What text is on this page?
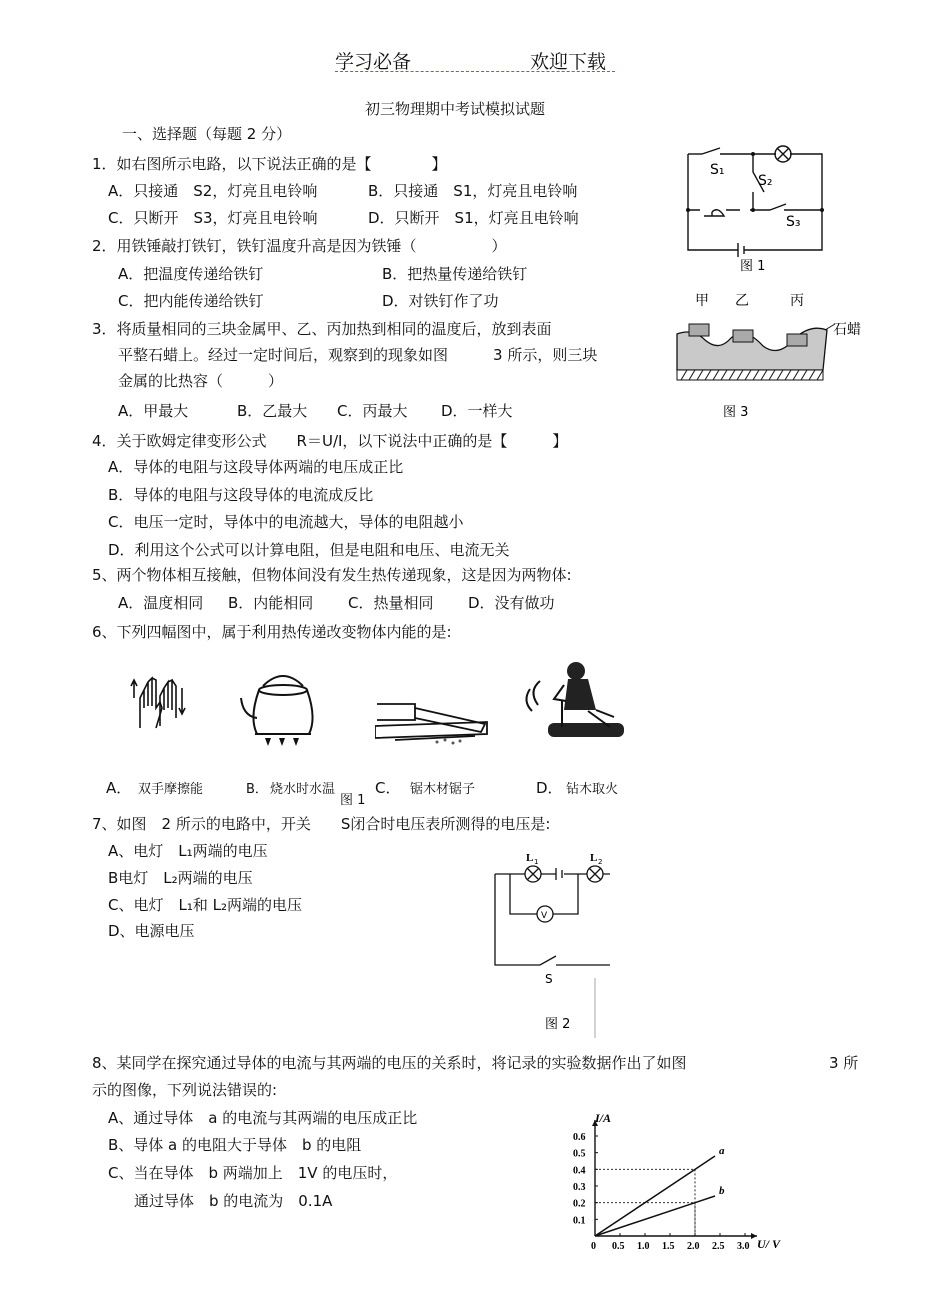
学习必备	欢迎下载
初三物理期中考试模拟试题
一、选择题（每题 2 分）
1．如右图所示电路，以下说法正确的是【　　　　】
A．只接通　S2，灯亮且电铃响	B．只接通　S1，灯亮且电铃响
C．只断开　S3，灯亮且电铃响	D．只断开　S1，灯亮且电铃响
2．用铁锤敲打铁钉，铁钉温度升高是因为铁锤（　　　　　）
A．把温度传递给铁钉	B．把热量传递给铁钉
C．把内能传递给铁钉	D．对铁钉作了功
3．将质量相同的三块金属甲、乙、丙加热到相同的温度后，放到表面
平整石蜡上。经过一定时间后，观察到的现象如图　　　3 所示，则三块
金属的比热容（　　　）
A．甲最大	B．乙最大 C．丙最大 D．一样大
4．关于欧姆定律变形公式　　R＝U/I，以下说法中正确的是【　　　】
A．导体的电阻与这段导体两端的电压成正比
B．导体的电阻与这段导体的电流成反比
C．电压一定时，导体中的电流越大，导体的电阻越小
D．利用这个公式可以计算电阻，但是电阻和电压、电流无关
5、两个物体相互接触，但物体间没有发生热传递现象，这是因为两物体:
A．温度相同 B．内能相同 C．热量相同 D．没有做功
6、下列四幅图中，属于利用热传递改变物体内能的是:
A． 双手摩擦能	B． 烧水时水温	C． 锯木材锯子	D． 钻木取火
图 1
7、如图　2 所示的电路中，开关　　S闭合时电压表所测得的电压是:
A、电灯　L₁两端的电压
B电灯　L₂两端的电压
C、电灯　L₁和 L₂两端的电压
D、电源电压
8、某同学在探究通过导体的电流与其两端的电压的关系时，将记录的实验数据作出了如图	3 所
示的图像，下列说法错误的:
A、通过导体　a 的电流与其两端的电压成正比
B、导体 a 的电阻大于导体　b 的电阻
C、当在导体　b 两端加上　1V 的电压时，
通过导体　b 的电流为　0.1A
S₁
S₂
S₃
图 1
甲 乙	丙
石蜡
图 3
V
L 1	L 2
S
图 2
0 0.5 1.0 1.5 2.0 2.5 3.0
0.1
0.2
0.3
0.4
0.5
0.6
a
b
I/A
U/ V
